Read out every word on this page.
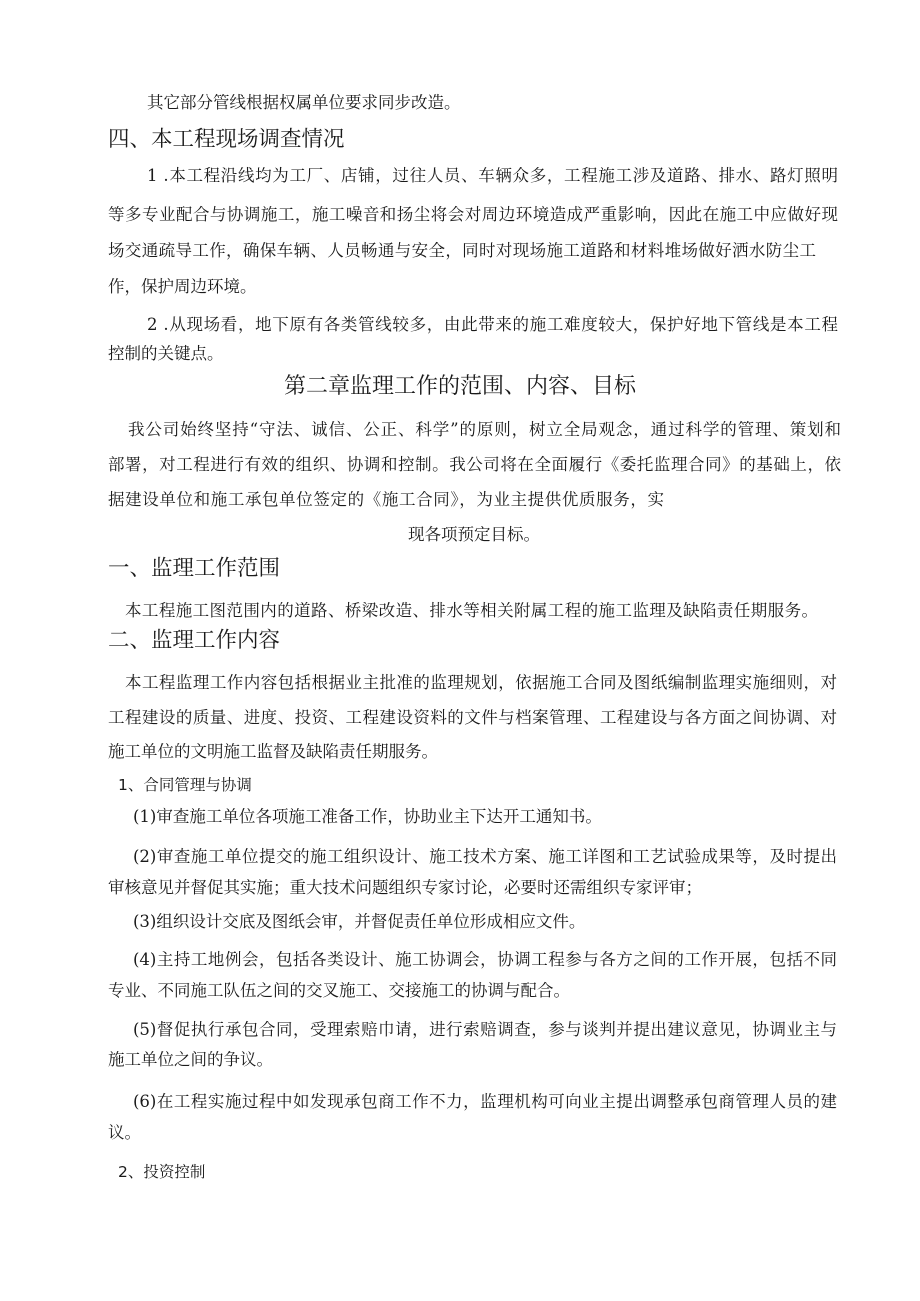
其它部分管线根据权属单位要求同步改造。
四、本工程现场调查情况
1 .本工程沿线均为工厂、店铺，过往人员、车辆众多，工程施工涉及道路、排水、路灯照明
等多专业配合与协调施工，施工噪音和扬尘将会对周边环境造成严重影响，因此在施工中应做好现
场交通疏导工作，确保车辆、人员畅通与安全，同时对现场施工道路和材料堆场做好洒水防尘工
作，保护周边环境。
2 .从现场看，地下原有各类管线较多，由此带来的施工难度较大，保护好地下管线是本工程
控制的关键点。
第二章监理工作的范围、内容、目标
我公司始终坚持“守法、诚信、公正、科学”的原则，树立全局观念，通过科学的管理、策划和
部署，对工程进行有效的组织、协调和控制。我公司将在全面履行《委托监理合同》的基础上，依
据建设单位和施工承包单位签定的《施工合同》，为业主提供优质服务，实
现各项预定目标。
一、监理工作范围
本工程施工图范围内的道路、桥梁改造、排水等相关附属工程的施工监理及缺陷责任期服务。
二、监理工作内容
本工程监理工作内容包括根据业主批准的监理规划，依据施工合同及图纸编制监理实施细则，对
工程建设的质量、进度、投资、工程建设资料的文件与档案管理、工程建设与各方面之间协调、对
施工单位的文明施工监督及缺陷责任期服务。
1、合同管理与协调
(1)审查施工单位各项施工准备工作，协助业主下达开工通知书。
(2)审查施工单位提交的施工组织设计、施工技术方案、施工详图和工艺试验成果等，及时提出
审核意见并督促其实施；重大技术问题组织专家讨论，必要时还需组织专家评审；
(3)组织设计交底及图纸会审，并督促责任单位形成相应文件。
(4)主持工地例会，包括各类设计、施工协调会，协调工程参与各方之间的工作开展，包括不同
专业、不同施工队伍之间的交叉施工、交接施工的协调与配合。
(5)督促执行承包合同，受理索赔巾请，进行索赔调查，参与谈判并提出建议意见，协调业主与
施工单位之间的争议。
(6)在工程实施过程中如发现承包商工作不力，监理机构可向业主提出调整承包商管理人员的建
议。
2、投资控制
